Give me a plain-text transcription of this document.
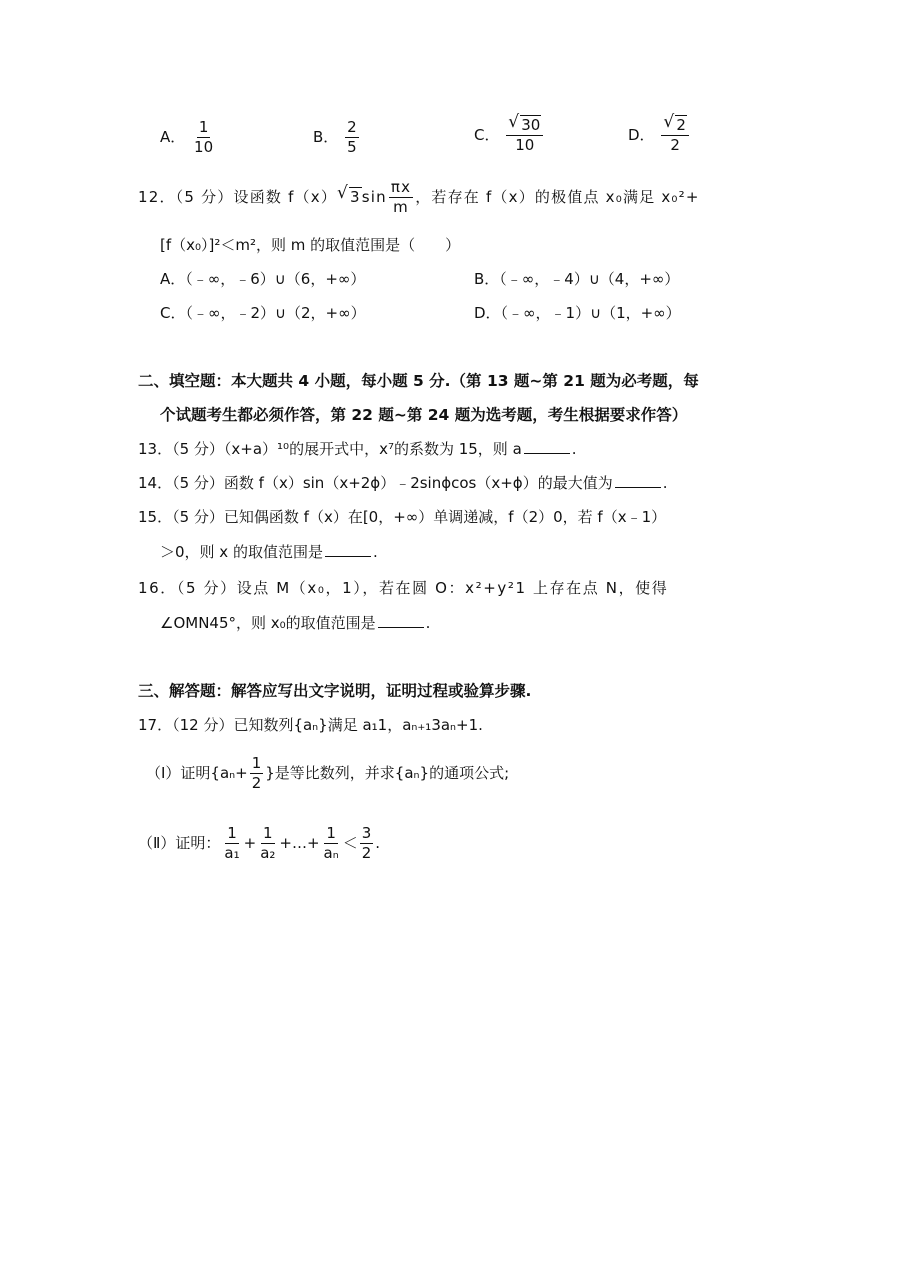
A． $\frac{1}{10}$	B． $\frac{2}{5}$	C． $\frac{√ 30}{10}$	D． $\frac{√ 2}{2}$
12．（5 分）设函数 f（x） √ $3\sin \frac{\pi x}{m}$ ，若存在 f（x）的极值点 x₀满足 x₀²+
[f（x₀）]²＜m²，则 m 的取值范围是（　　）
A．（﹣∞，﹣6）∪（6，+∞）	B．（﹣∞，﹣4）∪（4，+∞）
C．（﹣∞，﹣2）∪（2，+∞）	D．（﹣∞，﹣1）∪（1，+∞）
二、填空题：本大题共 4 小题，每小题 5 分.（第 13 题~第 21 题为必考题，每
个试题考生都必须作答，第 22 题~第 24 题为选考题，考生根据要求作答）
13．（5 分）（x+a）¹⁰的展开式中，x⁷的系数为 15，则 a	.
14．（5 分）函数 f（x）sin（x+2ϕ）﹣2sinϕcos（x+ϕ）的最大值为	.
15．（5 分）已知偶函数 f（x）在[0，+∞）单调递减，f（2）0，若 f（x﹣1）
＞0，则 x 的取值范围是	.
16．（5 分）设点 M（x₀，1），若在圆 O：x²+y²1 上存在点 N，使得
∠OMN45°，则 x₀的取值范围是	.
三、解答题：解答应写出文字说明，证明过程或验算步骤.
17．（12 分）已知数列{aₙ}满足 a₁1，aₙ₊₁3aₙ+1.
（Ⅰ）证明{$a_n+ \frac{1}{2}$ }是等比数列，并求{aₙ}的通项公式;
（Ⅱ）证明： $\frac{1}{\text{a₁}} + \frac{1}{\text{a₂}}$ +…+ $\frac{1}{\text{aₙ}} < \frac{3}{2}$ .
